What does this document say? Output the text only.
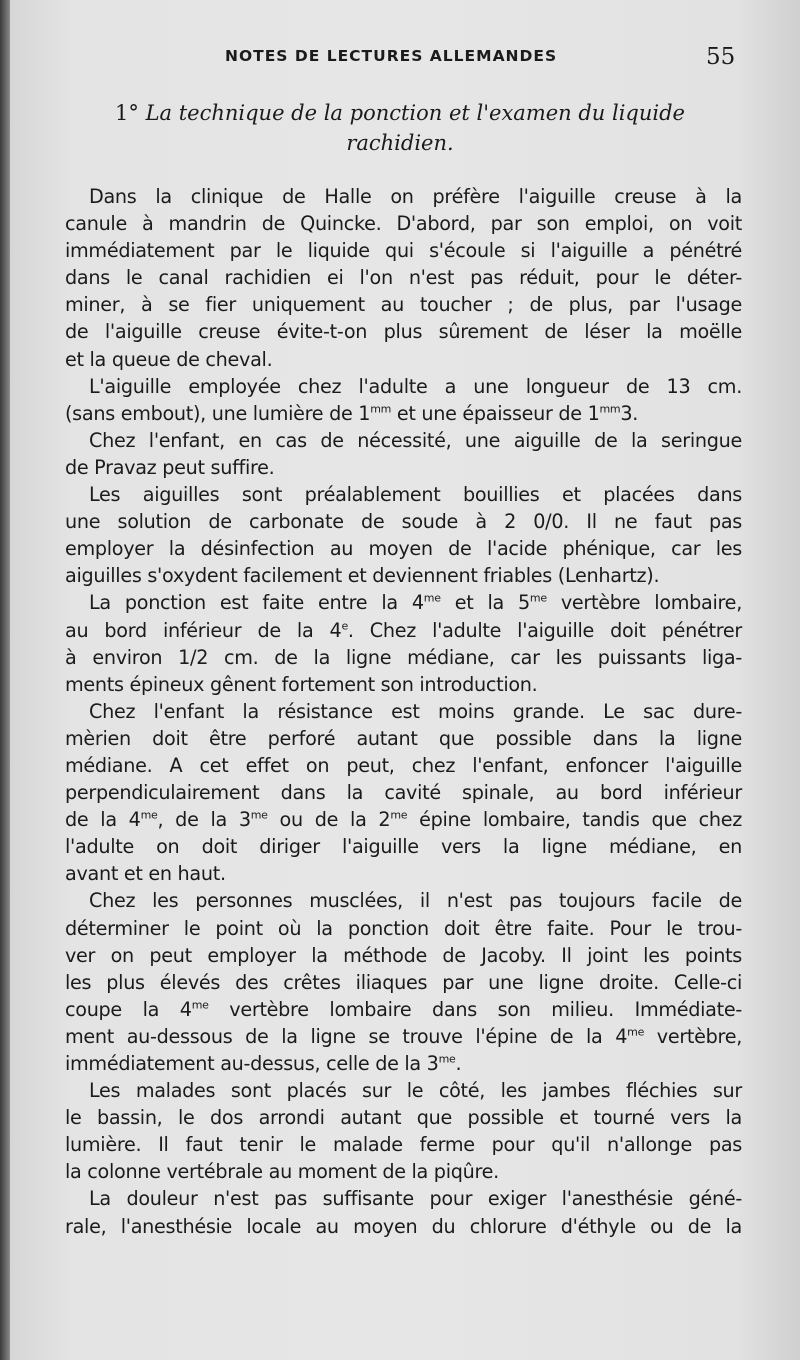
NOTES DE LECTURES ALLEMANDES	55
1° La technique de la ponction et l'examen du liquide
rachidien.
Dans la clinique de Halle on préfère l'aiguille creuse à la
canule à mandrin de Quincke. D'abord, par son emploi, on voit
immédiatement par le liquide qui s'écoule si l'aiguille a pénétré
dans le canal rachidien ei l'on n'est pas réduit, pour le déter-
miner, à se fier uniquement au toucher ; de plus, par l'usage
de l'aiguille creuse évite-t-on plus sûrement de léser la moëlle
et la queue de cheval.
L'aiguille employée chez l'adulte a une longueur de 13 cm.
(sans embout), une lumière de $1^{mm}$ et une épaisseur de $1^{mm}3$.
Chez l'enfant, en cas de nécessité, une aiguille de la seringue
de Pravaz peut suffire.
Les aiguilles sont préalablement bouillies et placées dans
une solution de carbonate de soude à 2 0/0. Il ne faut pas
employer la désinfection au moyen de l'acide phénique, car les
aiguilles s'oxydent facilement et deviennent friables (Lenhartz).
La ponction est faite entre la $4^{me}$ et la $5^{me}$ vertèbre lombaire,
au bord inférieur de la 4e. Chez l'adulte l'aiguille doit pénétrer
à environ 1/2 cm. de la ligne médiane, car les puissants liga-
ments épineux gênent fortement son introduction.
Chez l'enfant la résistance est moins grande. Le sac dure-
mèrien doit être perforé autant que possible dans la ligne
médiane. A cet effet on peut, chez l'enfant, enfoncer l'aiguille
perpendiculairement dans la cavité spinale, au bord inférieur
de la $4^{me}$, de la $3^{me}$ ou de la $2^{me}$ épine lombaire, tandis que chez
l'adulte on doit diriger l'aiguille vers la ligne médiane, en
avant et en haut.
Chez les personnes musclées, il n'est pas toujours facile de
déterminer le point où la ponction doit être faite. Pour le trou-
ver on peut employer la méthode de Jacoby. Il joint les points
les plus élevés des crêtes iliaques par une ligne droite. Celle-ci
coupe la $4^{me}$ vertèbre lombaire dans son milieu. Immédiate-
ment au-dessous de la ligne se trouve l'épine de la $4^{me}$ vertèbre,
immédiatement au-dessus, celle de la $3^{me}$.
Les malades sont placés sur le côté, les jambes fléchies sur
le bassin, le dos arrondi autant que possible et tourné vers la
lumière. Il faut tenir le malade ferme pour qu'il n'allonge pas
la colonne vertébrale au moment de la piqûre.
La douleur n'est pas suffisante pour exiger l'anesthésie géné-
rale, l'anesthésie locale au moyen du chlorure d'éthyle ou de la
